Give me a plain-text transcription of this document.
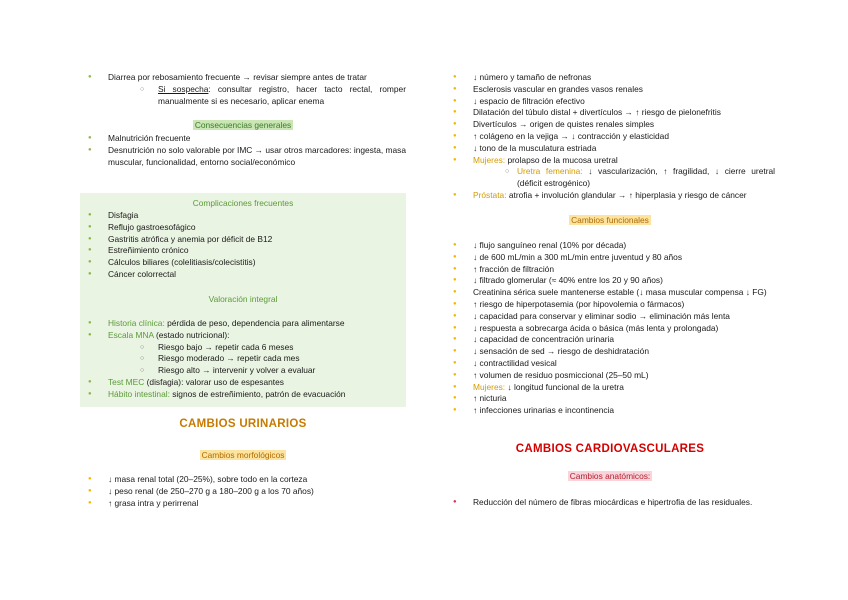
● Diarrea por rebosamiento frecuente → revisar siempre antes de tratar
○ Si sospecha: consultar registro, hacer tacto rectal, romper manualmente si es necesario, aplicar enema
Consecuencias generales
● Malnutrición frecuente
● Desnutrición no solo valorable por IMC → usar otros marcadores: ingesta, masa muscular, funcionalidad, entorno social/económico
Complicaciones frecuentes
● Disfagia
● Reflujo gastroesofágico
● Gastritis atrófica y anemia por déficit de B12
● Estreñimiento crónico
● Cálculos biliares (colelitiasis/colecistitis)
● Cáncer colorrectal
Valoración integral
● Historia clínica: pérdida de peso, dependencia para alimentarse
● Escala MNA (estado nutricional):
○ Riesgo bajo → repetir cada 6 meses
○ Riesgo moderado → repetir cada mes
○ Riesgo alto → intervenir y volver a evaluar
● Test MEC (disfagia): valorar uso de espesantes
● Hábito intestinal: signos de estreñimiento, patrón de evacuación
CAMBIOS URINARIOS
Cambios morfológicos
● ↓ masa renal total (20–25%), sobre todo en la corteza
● ↓ peso renal (de 250–270 g a 180–200 g a los 70 años)
● ↑ grasa intra y perirrenal
● ↓ número y tamaño de nefronas
● Esclerosis vascular en grandes vasos renales
● ↓ espacio de filtración efectivo
● Dilatación del túbulo distal + divertículos → ↑ riesgo de pielonefritis
● Divertículos → origen de quistes renales simples
● ↑ colágeno en la vejiga → ↓ contracción y elasticidad
● ↓ tono de la musculatura estriada
● Mujeres: prolapso de la mucosa uretral
○ Uretra femenina: ↓ vascularización, ↑ fragilidad, ↓ cierre uretral (déficit estrogénico)
● Próstata: atrofia + involución glandular → ↑ hiperplasia y riesgo de cáncer
Cambios funcionales
● ↓ flujo sanguíneo renal (10% por década)
● ↓ de 600 mL/min a 300 mL/min entre juventud y 80 años
● ↑ fracción de filtración
● ↓ filtrado glomerular (≈ 40% entre los 20 y 90 años)
● Creatinina sérica suele mantenerse estable (↓ masa muscular compensa ↓ FG)
● ↑ riesgo de hiperpotasemia (por hipovolemia o fármacos)
● ↓ capacidad para conservar y eliminar sodio → eliminación más lenta
● ↓ respuesta a sobrecarga ácida o básica (más lenta y prolongada)
● ↓ capacidad de concentración urinaria
● ↓ sensación de sed → riesgo de deshidratación
● ↓ contractilidad vesical
● ↑ volumen de residuo posmiccional (25–50 mL)
● Mujeres: ↓ longitud funcional de la uretra
● ↑ nicturia
● ↑ infecciones urinarias e incontinencia
CAMBIOS CARDIOVASCULARES
Cambios anatómicos:
● Reducción del número de fibras miocárdicas e hipertrofia de las residuales.
